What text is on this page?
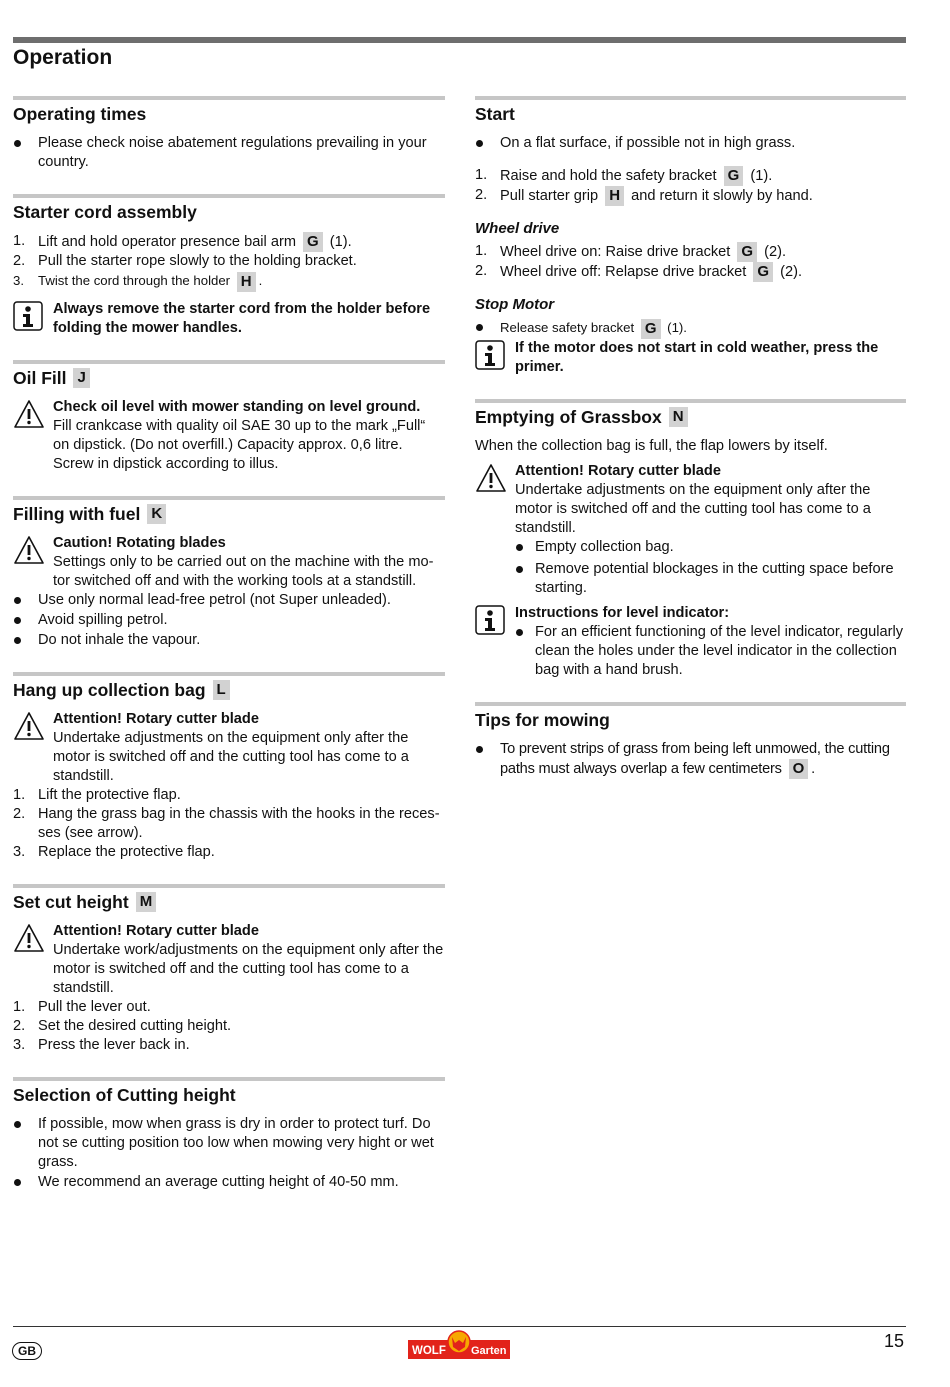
Operation
Operating times
Please check noise abatement regulations prevailing in your country.
Starter cord assembly
1. Lift and hold operator presence bail arm G (1).
2. Pull the starter rope slowly to the holding bracket.
3. Twist the cord through the holder H .
Always remove the starter cord from the holder before folding the mower handles.
Oil Fill J
Check oil level with mower standing on level ground.
Fill crankcase with quality oil SAE 30 up to the mark „Full“ on dipstick. (Do not overfill.) Capacity approx. 0,6 litre. Screw in dipstick according to illus.
Filling with fuel K
Caution! Rotating blades
Settings only to be carried out on the machine with the mo-tor switched off and with the working tools at a standstill.
Use only normal lead-free petrol (not Super unleaded).
Avoid spilling petrol.
Do not inhale the vapour.
Hang up collection bag L
Attention! Rotary cutter blade
Undertake adjustments on the equipment only after the motor is switched off and the cutting tool has come to a standstill.
1. Lift the protective flap.
2. Hang the grass bag in the chassis with the hooks in the reces-ses (see arrow).
3. Replace the protective flap.
Set cut height M
Attention! Rotary cutter blade
Undertake work/adjustments on the equipment only after the motor is switched off and the cutting tool has come to a standstill.
1. Pull the lever out.
2. Set the desired cutting height.
3. Press the lever back in.
Selection of Cutting height
If possible, mow when grass is dry in order to protect turf. Do not se cutting position too low when mowing very hight or wet grass.
We recommend an average cutting height of 40-50 mm.
Start
On a flat surface, if possible not in high grass.
1. Raise and hold the safety bracket G (1).
2. Pull starter grip H and return it slowly by hand.
Wheel drive
1. Wheel drive on: Raise drive bracket G (2).
2. Wheel drive off: Relapse drive bracket G (2).
Stop Motor
Release safety bracket G (1).
If the motor does not start in cold weather, press the primer.
Emptying of Grassbox N

When the collection bag is full, the flap lowers by itself.

Attention! Rotary cutter blade
Undertake adjustments on the equipment only after the motor is switched off and the cutting tool has come to a standstill.
Empty collection bag.
Remove potential blockages in the cutting space before starting.
Instructions for level indicator:
For an efficient functioning of the level indicator, regularly clean the holes under the level indicator in the collection bag with a hand brush.
Tips for mowing
To prevent strips of grass from being left unmowed, the cutting paths must always overlap a few centimeters O .
GB	WOLF Garten	15
